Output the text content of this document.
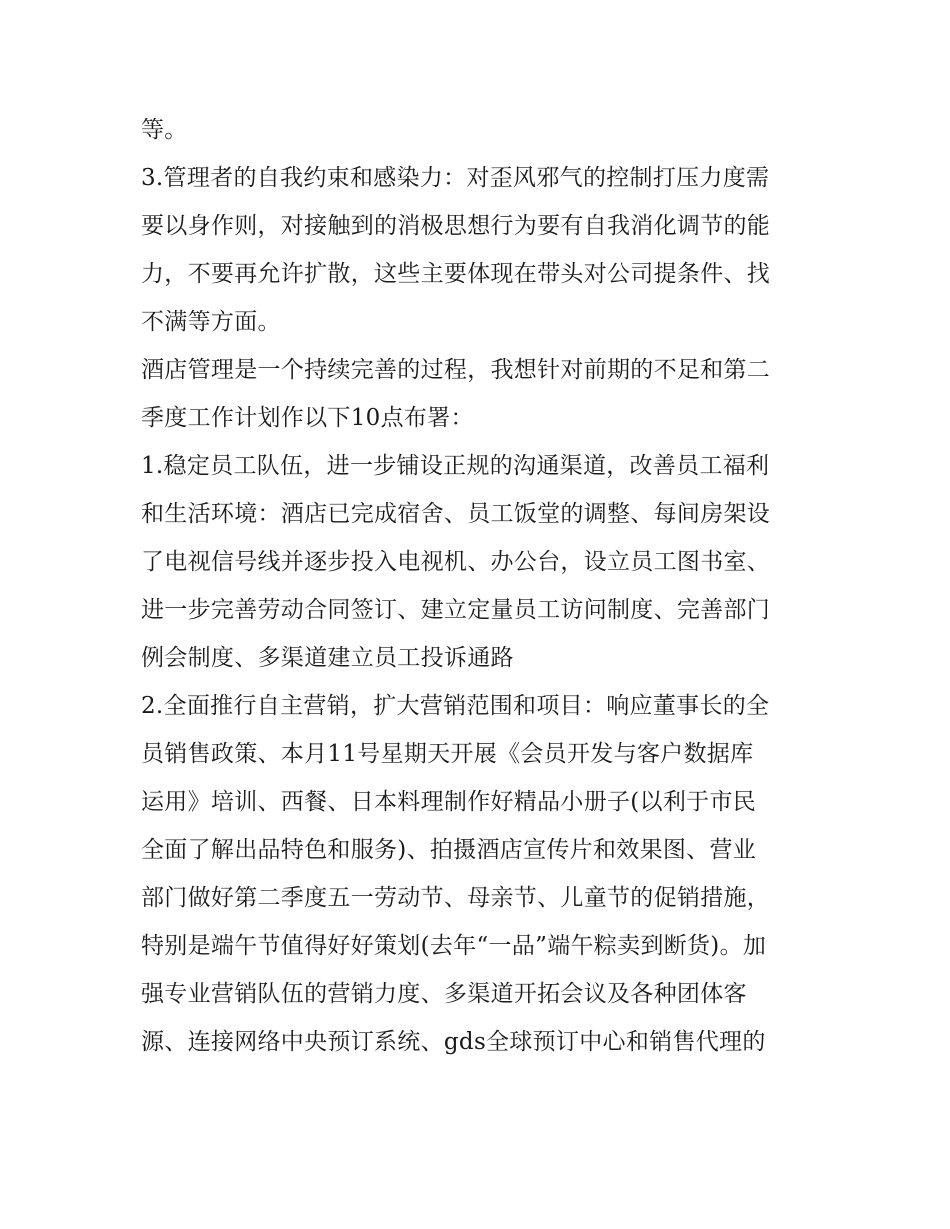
等。
3.管理者的自我约束和感染力：对歪风邪气的控制打压力度需
要以身作则，对接触到的消极思想行为要有自我消化调节的能
力，不要再允许扩散，这些主要体现在带头对公司提条件、找
不满等方面。
酒店管理是一个持续完善的过程，我想针对前期的不足和第二
季度工作计划作以下10点布署：
1.稳定员工队伍，进一步铺设正规的沟通渠道，改善员工福利
和生活环境：酒店已完成宿舍、员工饭堂的调整、每间房架设
了电视信号线并逐步投入电视机、办公台，设立员工图书室、
进一步完善劳动合同签订、建立定量员工访问制度、完善部门
例会制度、多渠道建立员工投诉通路
2.全面推行自主营销，扩大营销范围和项目：响应董事长的全
员销售政策、本月11号星期天开展《会员开发与客户数据库
运用》培训、西餐、日本料理制作好精品小册子(以利于市民
全面了解出品特色和服务)、拍摄酒店宣传片和效果图、营业
部门做好第二季度五一劳动节、母亲节、儿童节的促销措施，
特别是端午节值得好好策划(去年“一品”端午粽卖到断货)。加
强专业营销队伍的营销力度、多渠道开拓会议及各种团体客
源、连接网络中央预订系统、gds全球预订中心和销售代理的
